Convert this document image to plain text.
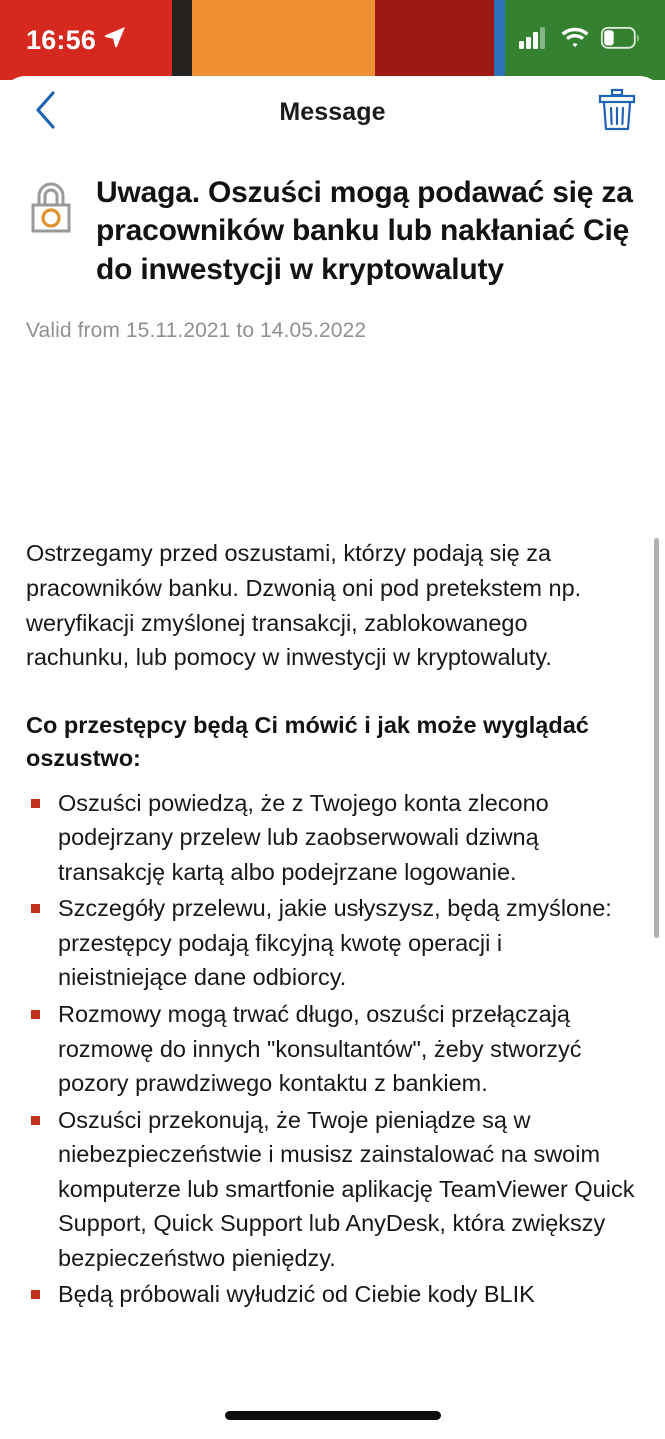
16:56
Message
Uwaga. Oszuści mogą podawać się za pracowników banku lub nakłaniać Cię do inwestycji w kryptowaluty
Valid from 15.11.2021 to 14.05.2022

Ostrzegamy przed oszustami, którzy podają się za pracowników banku. Dzwonią oni pod pretekstem np. weryfikacji zmyślonej transakcji, zablokowanego rachunku, lub pomocy w inwestycji w kryptowaluty.

Co przestępcy będą Ci mówić i jak może wyglądać oszustwo:

Oszuści powiedzą, że z Twojego konta zlecono podejrzany przelew lub zaobserwowali dziwną transakcję kartą albo podejrzane logowanie.
Szczegóły przelewu, jakie usłyszysz, będą zmyślone: przestępcy podają fikcyjną kwotę operacji i nieistniejące dane odbiorcy.
Rozmowy mogą trwać długo, oszuści przełączają rozmowę do innych "konsultantów", żeby stworzyć pozory prawdziwego kontaktu z bankiem.
Oszuści przekonują, że Twoje pieniądze są w niebezpieczeństwie i musisz zainstalować na swoim komputerze lub smartfonie aplikację TeamViewer Quick Support, Quick Support lub AnyDesk, która zwiększy bezpieczeństwo pieniędzy.
Będą próbowali wyłudzić od Ciebie kody BLIK
